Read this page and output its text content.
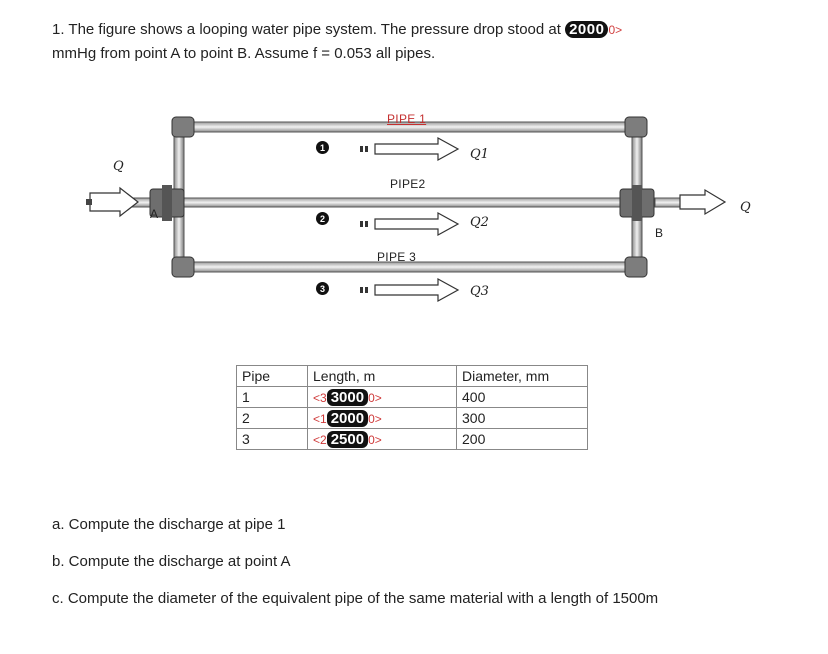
1. The figure shows a looping water pipe system. The pressure drop stood at 2000 0>
mmHg from point A to point B. Assume f = 0.053 all pipes.
PIPE 1
PIPE2
PIPE 3
1
2
3
Q
Q
Q1
Q2
Q3
A
B
Pipe	Length, m	Diameter, mm
1	<3 3000 0>	400
2	<1 2000 0>	300
3	<2 2500 0>	200
a. Compute the discharge at pipe 1
b. Compute the discharge at point A
c. Compute the diameter of the equivalent pipe of the same material with a length of 1500m
